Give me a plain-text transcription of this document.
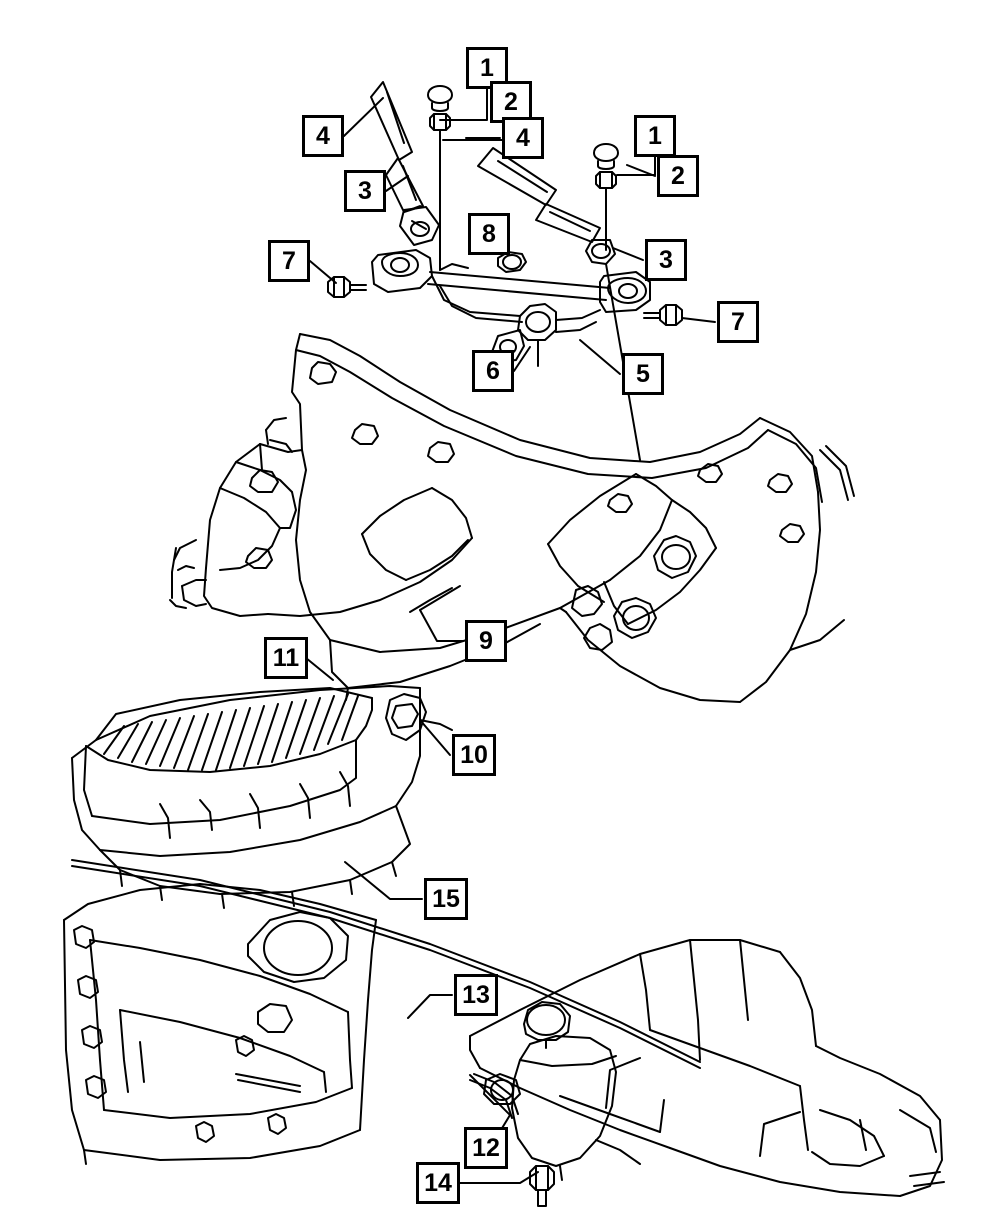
1
2
4	4	1
3
2
8
3
7
7
6	5
9
11
10
15
13
12
14
